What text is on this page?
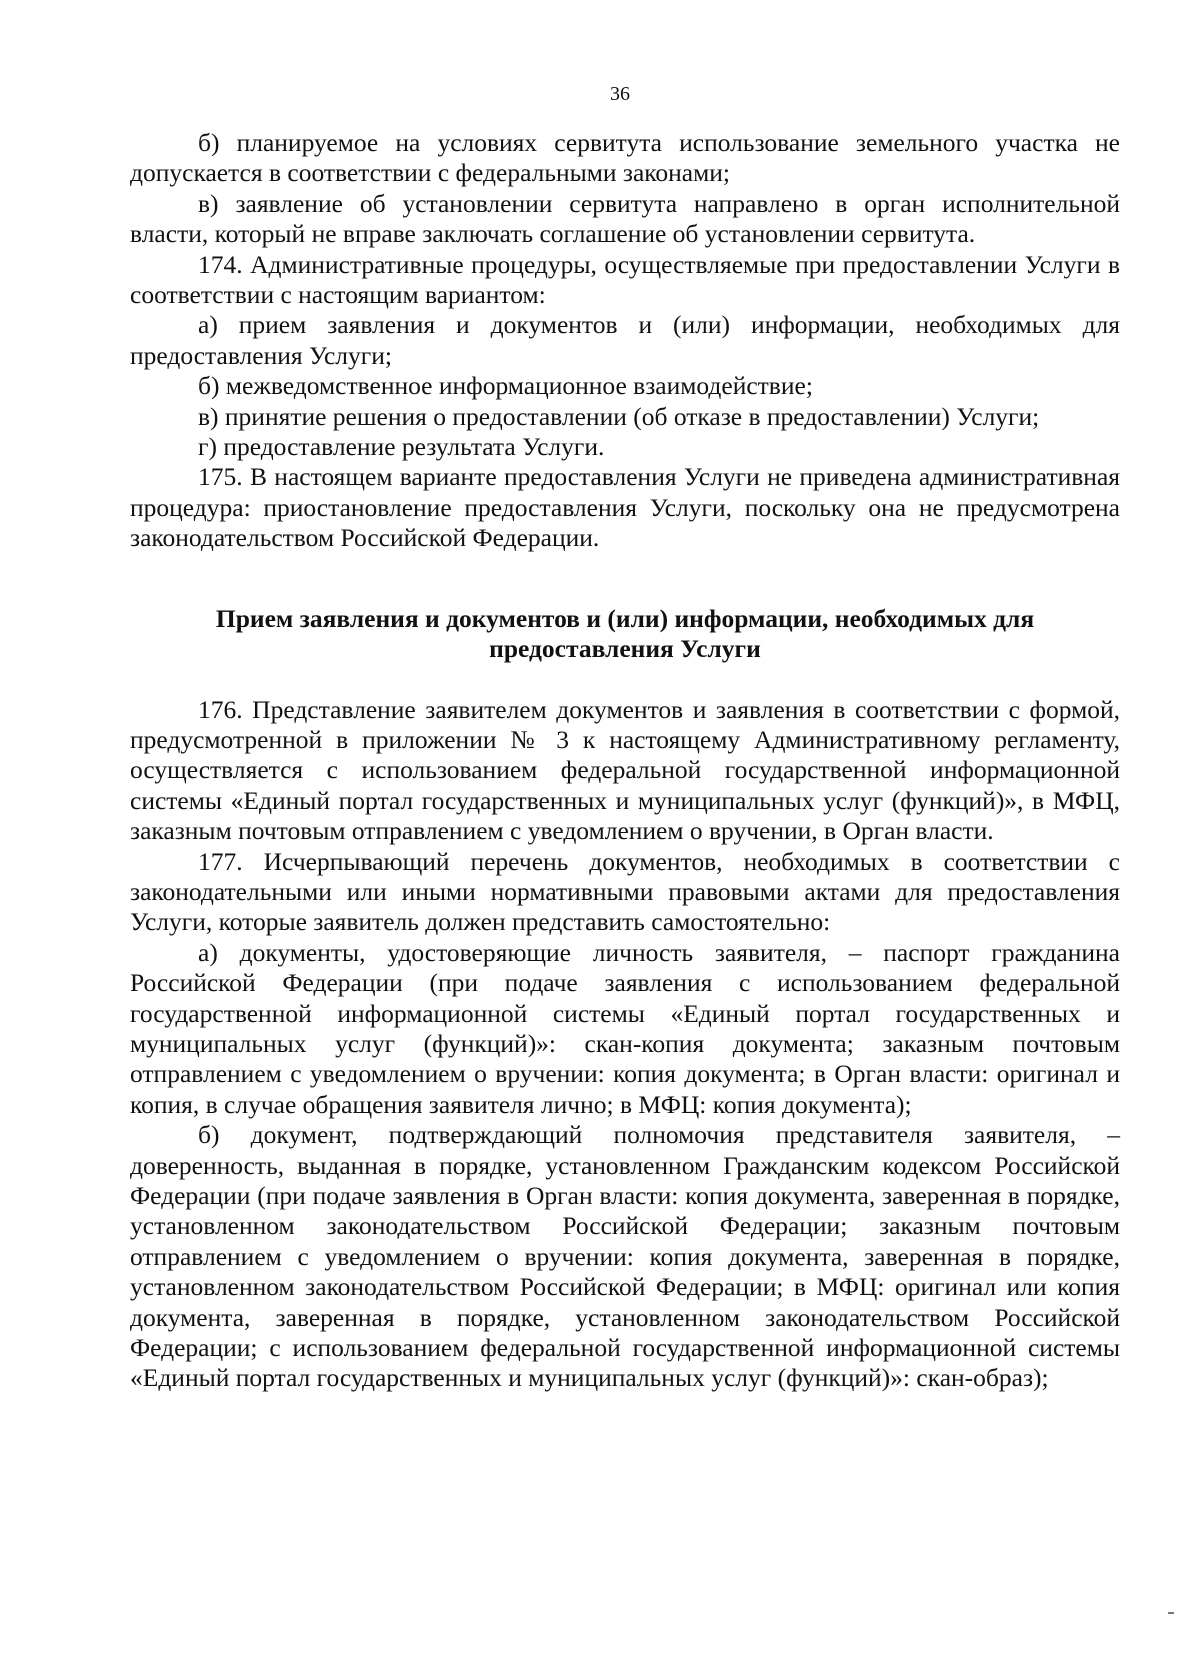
36

б) планируемое на условиях сервитута использование земельного участка не допускается в соответствии с федеральными законами;

в) заявление об установлении сервитута направлено в орган исполнительной власти, который не вправе заключать соглашение об установлении сервитута.

174. Административные процедуры, осуществляемые при предоставлении Услуги в соответствии с настоящим вариантом:

а) прием заявления и документов и (или) информации, необходимых для предоставления Услуги;

б) межведомственное информационное взаимодействие;

в) принятие решения о предоставлении (об отказе в предоставлении) Услуги;

г) предоставление результата Услуги.

175. В настоящем варианте предоставления Услуги не приведена административная процедура: приостановление предоставления Услуги, поскольку она не предусмотрена законодательством Российской Федерации.

Прием заявления и документов и (или) информации, необходимых для предоставления Услуги

176. Представление заявителем документов и заявления в соответствии с формой, предусмотренной в приложении № 3 к настоящему Административному регламенту, осуществляется с использованием федеральной государственной информационной системы «Единый портал государственных и муниципальных услуг (функций)», в МФЦ, заказным почтовым отправлением с уведомлением о вручении, в Орган власти.

177. Исчерпывающий перечень документов, необходимых в соответствии с законодательными или иными нормативными правовыми актами для предоставления Услуги, которые заявитель должен представить самостоятельно:

а) документы, удостоверяющие личность заявителя, – паспорт гражданина Российской Федерации (при подаче заявления с использованием федеральной государственной информационной системы «Единый портал государственных и муниципальных услуг (функций)»: скан-копия документа; заказным почтовым отправлением с уведомлением о вручении: копия документа; в Орган власти: оригинал и копия, в случае обращения заявителя лично; в МФЦ: копия документа);

б) документ, подтверждающий полномочия представителя заявителя, – доверенность, выданная в порядке, установленном Гражданским кодексом Российской Федерации (при подаче заявления в Орган власти: копия документа, заверенная в порядке, установленном законодательством Российской Федерации; заказным почтовым отправлением с уведомлением о вручении: копия документа, заверенная в порядке, установленном законодательством Российской Федерации; в МФЦ: оригинал или копия документа, заверенная в порядке, установленном законодательством Российской Федерации; с использованием федеральной государственной информационной системы «Единый портал государственных и муниципальных услуг (функций)»: скан-образ);
